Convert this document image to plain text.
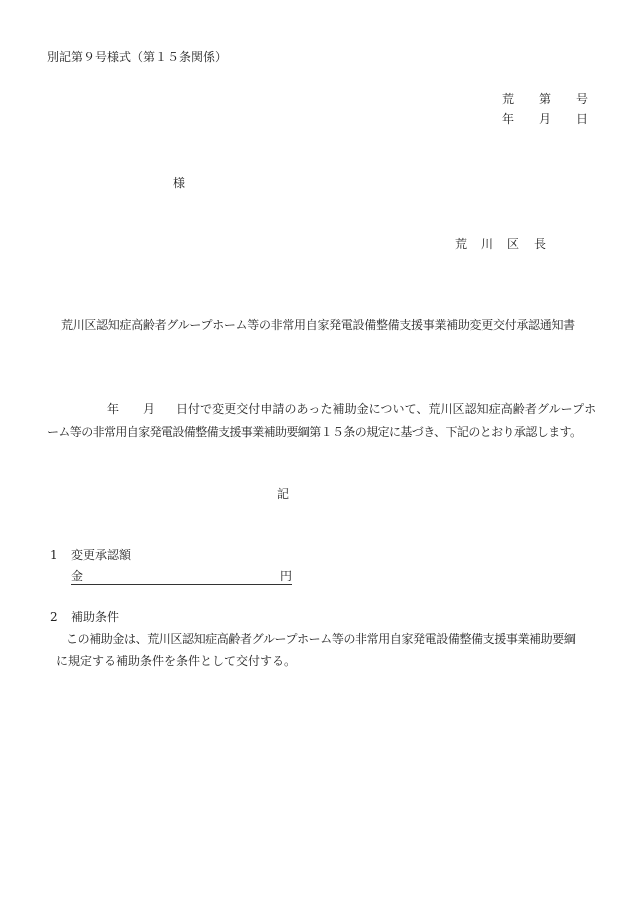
別記第９号様式（第１５条関係）
荒 第 号
年 月 日
様
荒 川 区 長
荒川区認知症高齢者グループホーム等の非常用自家発電設備整備支援事業補助変更交付承認通知書
年 月 日付で変更交付申請のあった補助金について、荒川区認知症高齢者グループホ
ーム等の非常用自家発電設備整備支援事業補助要綱第１５条の規定に基づき、下記のとおり承認します。
記
1 変更承認額
金	円
2 補助条件
この補助金は、荒川区認知症高齢者グループホーム等の非常用自家発電設備整備支援事業補助要綱
に規定する補助条件を条件として交付する。
